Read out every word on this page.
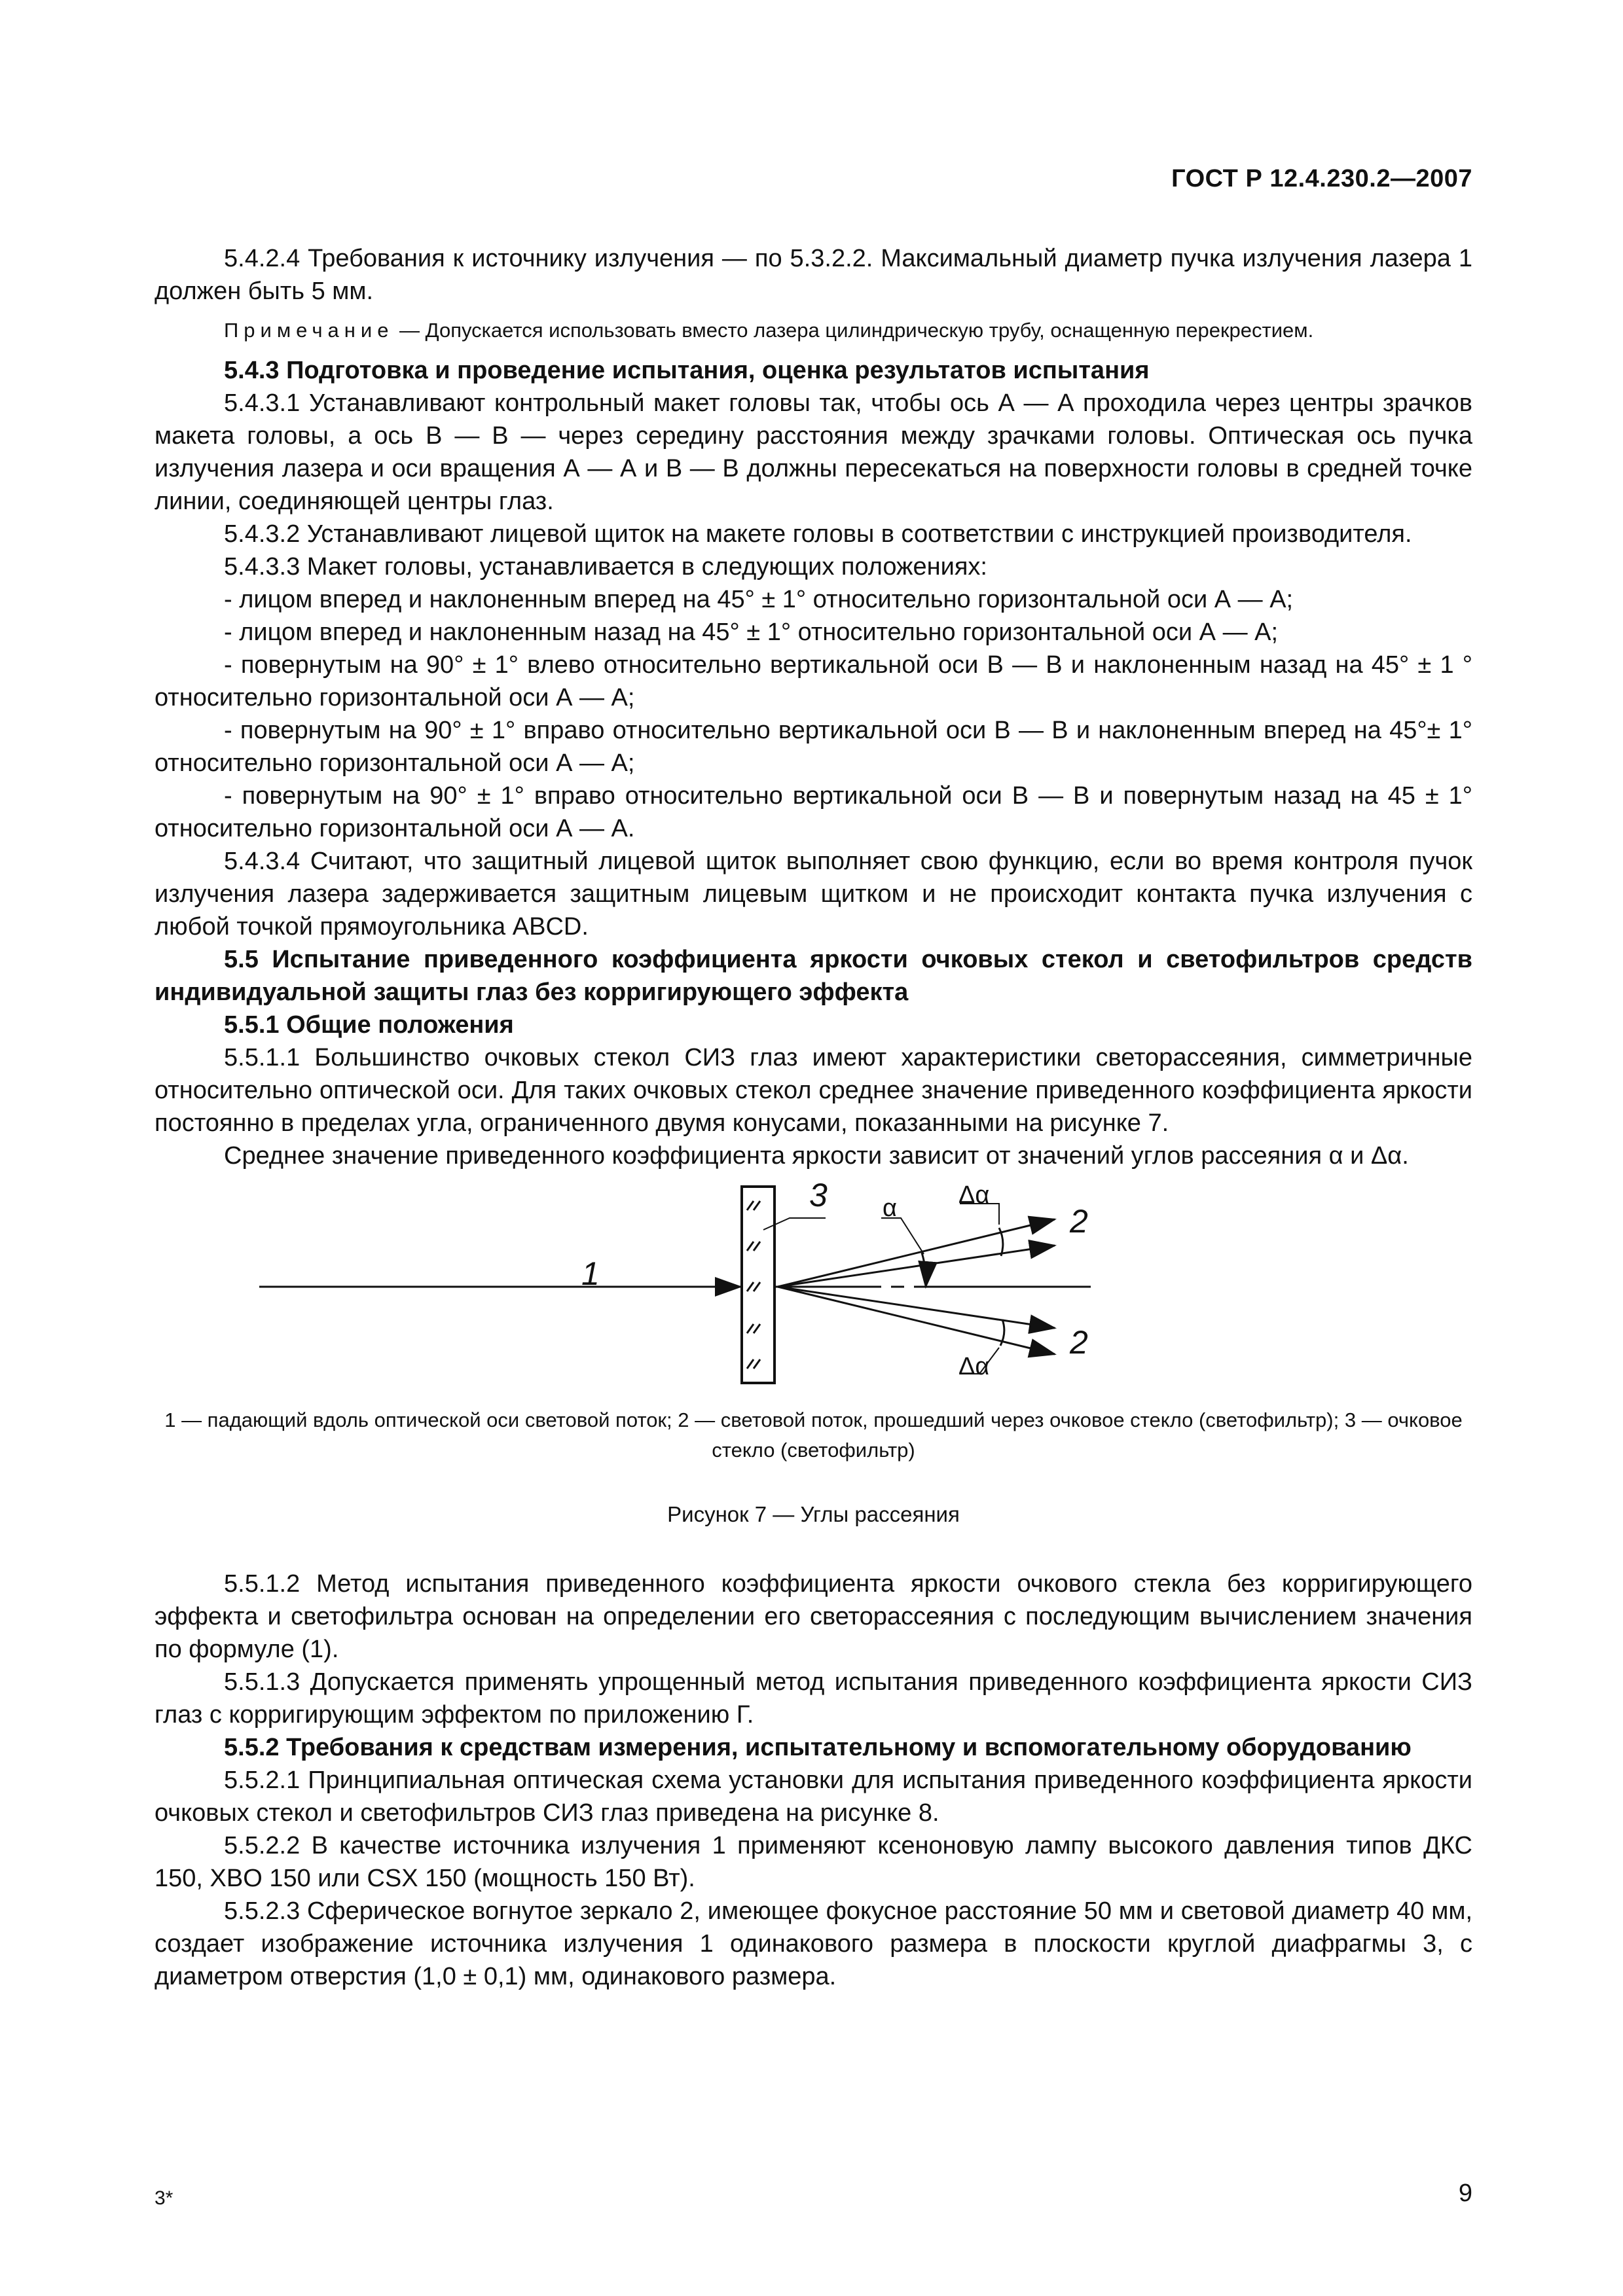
ГОСТ Р 12.4.230.2—2007

5.4.2.4 Требования к источнику излучения — по 5.3.2.2. Максимальный диаметр пучка излучения лазера 1 должен быть 5 мм.

Примечание — Допускается использовать вместо лазера цилиндрическую трубу, оснащенную перекрестием.

5.4.3 Подготовка и проведение испытания, оценка результатов испытания

5.4.3.1 Устанавливают контрольный макет головы так, чтобы ось А — А проходила через центры зрачков макета головы, а ось В — В — через середину расстояния между зрачками головы. Оптическая ось пучка излучения лазера и оси вращения А — А и В — В должны пересекаться на поверхности головы в средней точке линии, соединяющей центры глаз.

5.4.3.2 Устанавливают лицевой щиток на макете головы в соответствии с инструкцией производителя.

5.4.3.3 Макет головы, устанавливается в следующих положениях:

- лицом вперед и наклоненным вперед на 45° ± 1° относительно горизонтальной оси А — А;

- лицом вперед и наклоненным назад на 45° ± 1° относительно горизонтальной оси А — А;

- повернутым на 90° ± 1° влево относительно вертикальной оси В — В и наклоненным назад на 45° ± 1 ° относительно горизонтальной оси А — А;

- повернутым на 90° ± 1° вправо относительно вертикальной оси В — В и наклоненным вперед на 45°± 1° относительно горизонтальной оси А — А;

- повернутым на 90° ± 1° вправо относительно вертикальной оси В — В и повернутым назад на 45 ± 1° относительно горизонтальной оси А — А.

5.4.3.4 Считают, что защитный лицевой щиток выполняет свою функцию, если во время контроля пучок излучения лазера задерживается защитным лицевым щитком и не происходит контакта пучка излучения с любой точкой прямоугольника ABCD.

5.5 Испытание приведенного коэффициента яркости очковых стекол и светофильтров средств индивидуальной защиты глаз без корригирующего эффекта

5.5.1 Общие положения

5.5.1.1 Большинство очковых стекол СИЗ глаз имеют характеристики светорассеяния, симметричные относительно оптической оси. Для таких очковых стекол среднее значение приведенного коэффициента яркости постоянно в пределах угла, ограниченного двумя конусами, показанными на рисунке 7.

Среднее значение приведенного коэффициента яркости зависит от значений углов рассеяния α и Δα.

1
3
2
2
α Δα
Δα
1 — падающий вдоль оптической оси световой поток; 2 — световой поток, прошедший через очковое стекло (светофильтр); 3 — очковое стекло (светофильтр)
Рисунок 7 — Углы рассеяния

5.5.1.2 Метод испытания приведенного коэффициента яркости очкового стекла без корригирующего эффекта и светофильтра основан на определении его светорассеяния с последующим вычислением значения по формуле (1).

5.5.1.3 Допускается применять упрощенный метод испытания приведенного коэффициента яркости СИЗ глаз с корригирующим эффектом по приложению Г.

5.5.2 Требования к средствам измерения, испытательному и вспомогательному оборудованию

5.5.2.1 Принципиальная оптическая схема установки для испытания приведенного коэффициента яркости очковых стекол и светофильтров СИЗ глаз приведена на рисунке 8.

5.5.2.2 В качестве источника излучения 1 применяют ксеноновую лампу высокого давления типов ДКС 150, XBO 150 или CSX 150 (мощность 150 Вт).

5.5.2.3 Сферическое вогнутое зеркало 2, имеющее фокусное расстояние 50 мм и световой диаметр 40 мм, создает изображение источника излучения 1 одинакового размера в плоскости круглой диафрагмы 3, с диаметром отверстия (1,0 ± 0,1) мм, одинакового размера.

3*	9
